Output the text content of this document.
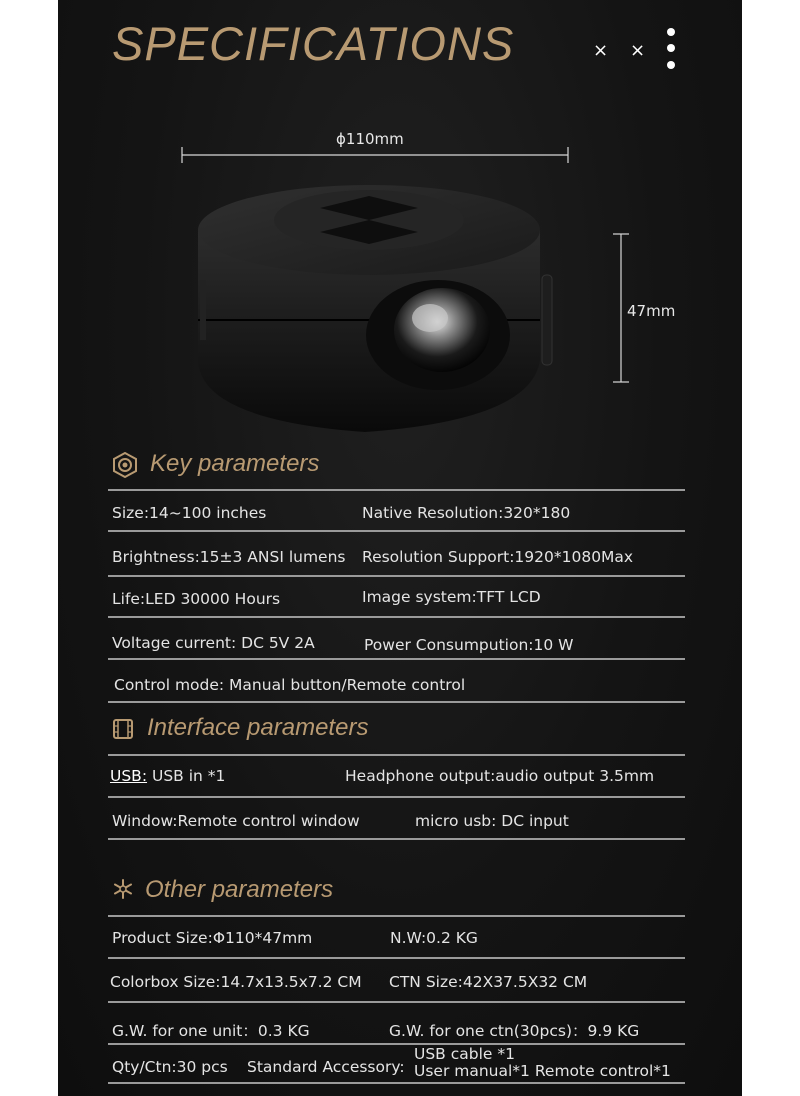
SPECIFICATIONS	× ×
ϕ110mm
47mm
Key parameters
Size:14~100 inches	Native Resolution:320*180
Brightness:15±3 ANSI lumens Resolution Support:1920*1080Max
Life:LED 30000 Hours	Image system:TFT LCD
Voltage current: DC 5V 2A	Power Consumpution:10 W
Control mode: Manual button/Remote control
Interface parameters
USB: USB in *1	Headphone output:audio output 3.5mm
Window:Remote control window	micro usb: DC input
Other parameters
Product Size:Φ110*47mm	N.W:0.2 KG
Colorbox Size:14.7x13.5x7.2 CM CTN Size:42X37.5X32 CM
G.W. for one unit：0.3 KG	G.W. for one ctn(30pcs)：9.9 KG
Qty/Ctn:30 pcs Standard Accessory:
USB cable *1
User manual*1 Remote control*1
